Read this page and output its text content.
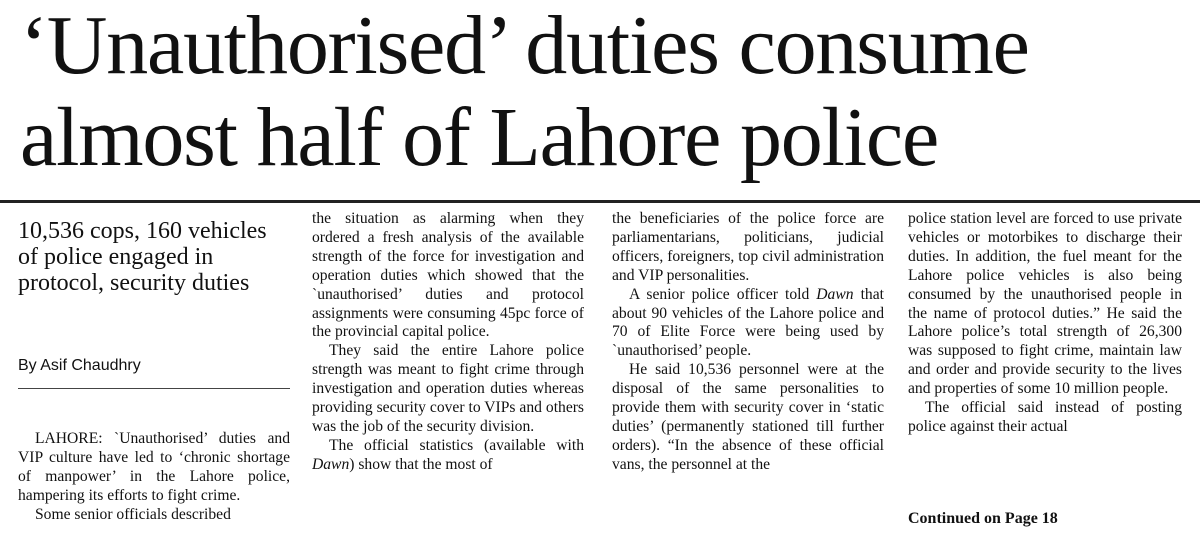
‘Unauthorised’ duties consume
almost half of Lahore police
10,536 cops, 160 vehicles of police engaged in protocol, security duties

By Asif Chaudhry

LAHORE: `Unauthorised’ duties and VIP culture have led to ‘chronic shortage of manpower’ in the Lahore police, hampering its efforts to fight crime.

Some senior officials described

the situation as alarming when they ordered a fresh analysis of the available strength of the force for investigation and operation duties which showed that the `unauthorised’ duties and protocol assignments were consuming 45pc force of the provincial capital police.

They said the entire Lahore police strength was meant to fight crime through investigation and operation duties whereas providing security cover to VIPs and others was the job of the security division.

The official statistics (available with Dawn) show that the most of

the beneficiaries of the police force are parliamentarians, politicians, judicial officers, foreigners, top civil administration and VIP personalities.

A senior police officer told Dawn that about 90 vehicles of the Lahore police and 70 of Elite Force were being used by `unauthorised’ people.

He said 10,536 personnel were at the disposal of the same personalities to provide them with security cover in ‘static duties’ (permanently stationed till further orders). “In the absence of these official vans, the personnel at the

police station level are forced to use private vehicles or motorbikes to discharge their duties. In addition, the fuel meant for the Lahore police vehicles is also being consumed by the unauthorised people in the name of protocol duties.” He said the Lahore police’s total strength of 26,300 was supposed to fight crime, maintain law and order and provide security to the lives and properties of some 10 million people.

The official said instead of posting police against their actual

Continued on Page 18
